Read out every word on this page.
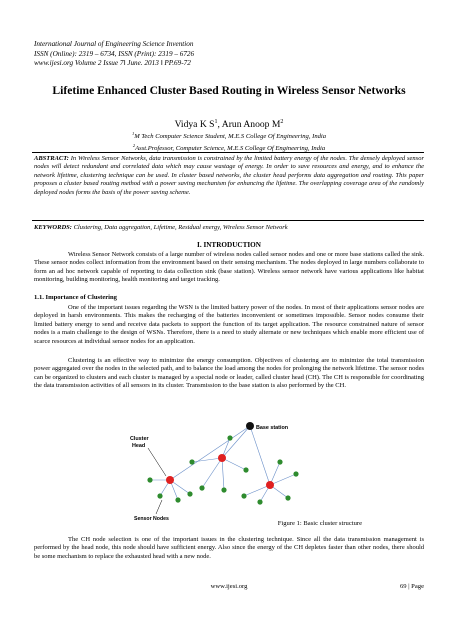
International Journal of Engineering Science Invention
ISSN (Online): 2319 – 6734, ISSN (Print): 2319 – 6726
www.ijesi.org Volume 2 Issue 7ǁ June. 2013 ǁ PP.69-72
Lifetime Enhanced Cluster Based Routing in Wireless Sensor Networks
Vidya K $S^1$, Arun Anoop $M^2$
$^1$M Tech Computer Science Student, M.E.S College Of Engineering, India
$^2$Asst.Professor, Computer Science, M.E.S College Of Engineering, India
ABSTRACT: In Wireless Sensor Networks, data transmission is constrained by the limited battery energy of the nodes. The densely deployed sensor nodes will detect redundant and correlated data which may cause wastage of energy. In order to save resources and energy, and to enhance the network lifetime, clustering technique can be used. In cluster based networks, the cluster head performs data aggregation and routing. This paper proposes a cluster based routing method with a power saving mechanism for enhancing the lifetime. The overlapping coverage area of the randomly deployed nodes forms the basis of the power saving scheme.
KEYWORDS: Clustering, Data aggregation, Lifetime, Residual energy, Wireless Sensor Network
I. INTRODUCTION
Wireless Sensor Network consists of a large number of wireless nodes called sensor nodes and one or more base stations called the sink. These sensor nodes collect information from the environment based on their sensing mechanism. The nodes deployed in large numbers collaborate to form an ad hoc network capable of reporting to data collection sink (base station). Wireless sensor network have various applications like habitat monitoring, building monitoring, health monitoring and target tracking.
1.1. Importance of Clustering
One of the important issues regarding the WSN is the limited battery power of the nodes. In most of their applications sensor nodes are deployed in harsh environments. This makes the recharging of the batteries inconvenient or sometimes impossible. Sensor nodes consume their limited battery energy to send and receive data packets to support the function of its target application. The resource constrained nature of sensor nodes is a main challenge to the design of WSNs. Therefore, there is a need to study alternate or new techniques which enable more efficient use of scarce resources at individual sensor nodes for an application.
Clustering is an effective way to minimize the energy consumption. Objectives of clustering are to minimize the total transmission power aggregated over the nodes in the selected path, and to balance the load among the nodes for prolonging the network lifetime. The sensor nodes can be organized to clusters and each cluster is managed by a special node or leader, called cluster head (CH). The CH is responsible for coordinating the data transmission activities of all sensors in its cluster. Transmission to the base station is also performed by the CH.
Base station
Cluster
Head
Sensor Nodes
Figure 1: Basic cluster structure
The CH node selection is one of the important issues in the clustering technique. Since all the data transmission management is performed by the head node, this node should have sufficient energy. Also since the energy of the CH depletes faster than other nodes, there should be some mechanism to replace the exhausted head with a new node.
www.ijesi.org	69 | Page
